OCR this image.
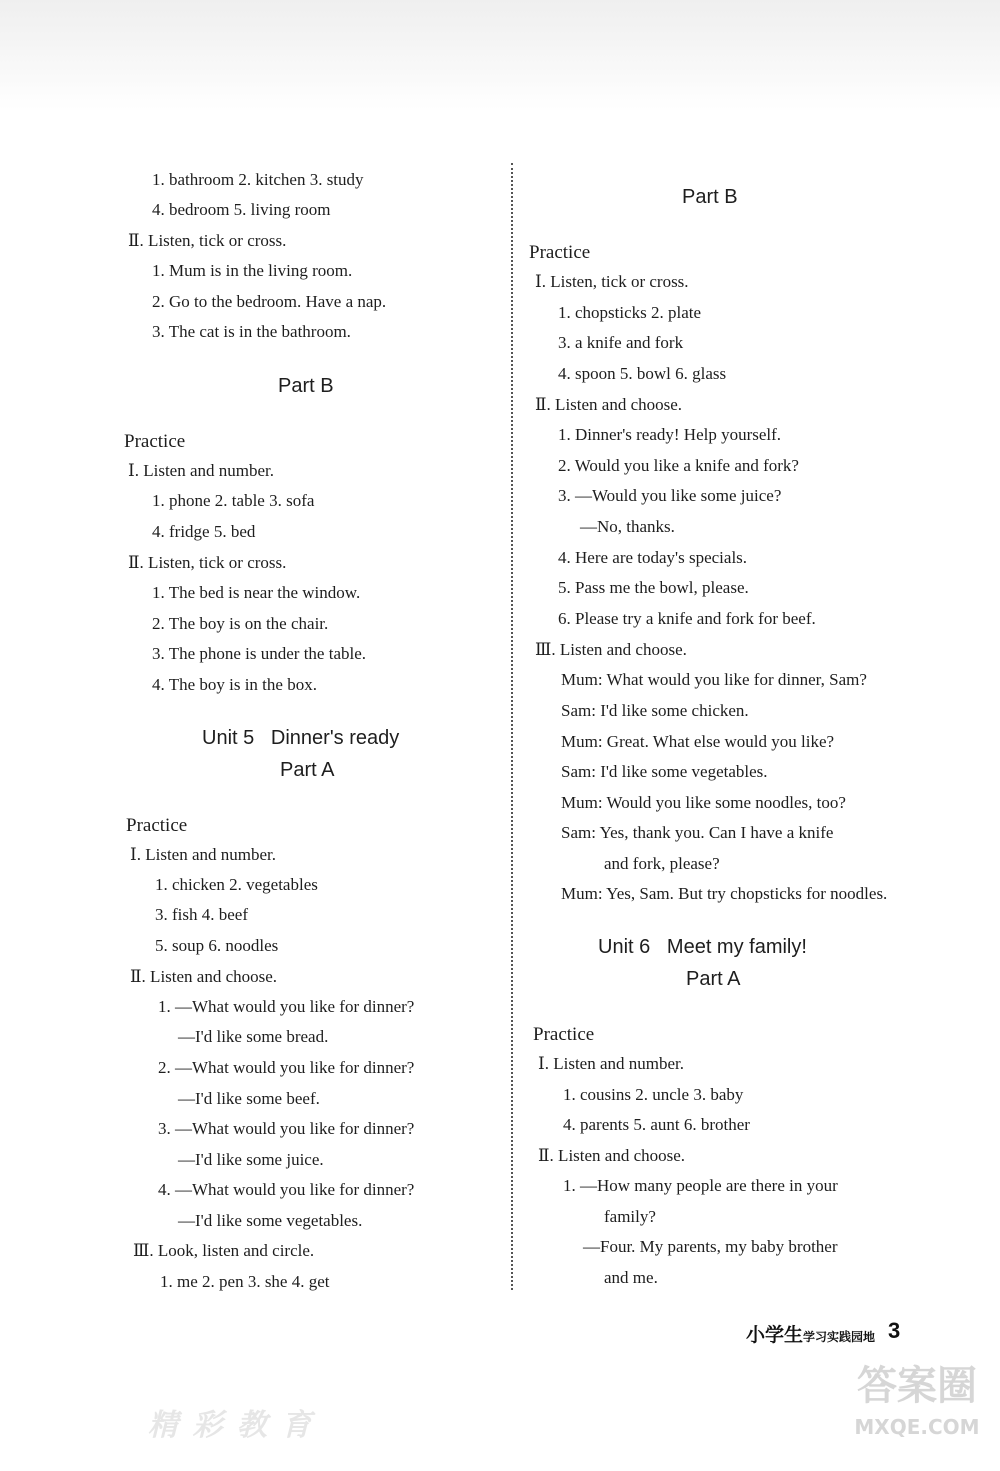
1. bathroom 2. kitchen 3. study
4. bedroom 5. living room
Ⅱ. Listen, tick or cross.
1. Mum is in the living room.
2. Go to the bedroom. Have a nap.
3. The cat is in the bathroom.
Part B
Practice
Ⅰ. Listen and number.
1. phone 2. table 3. sofa
4. fridge 5. bed
Ⅱ. Listen, tick or cross.
1. The bed is near the window.
2. The boy is on the chair.
3. The phone is under the table.
4. The boy is in the box.
Unit 5   Dinner's ready
Part A
Practice
Ⅰ. Listen and number.
1. chicken 2. vegetables
3. fish 4. beef
5. soup 6. noodles
Ⅱ. Listen and choose.
1. —What would you like for dinner?
—I'd like some bread.
2. —What would you like for dinner?
—I'd like some beef.
3. —What would you like for dinner?
—I'd like some juice.
4. —What would you like for dinner?
—I'd like some vegetables.
Ⅲ. Look, listen and circle.
1. me 2. pen 3. she 4. get
Part B
Practice
Ⅰ. Listen, tick or cross.
1. chopsticks 2. plate
3. a knife and fork
4. spoon 5. bowl 6. glass
Ⅱ. Listen and choose.
1. Dinner's ready! Help yourself.
2. Would you like a knife and fork?
3. —Would you like some juice?
—No, thanks.
4. Here are today's specials.
5. Pass me the bowl, please.
6. Please try a knife and fork for beef.
Ⅲ. Listen and choose.
Mum: What would you like for dinner, Sam?
Sam: I'd like some chicken.
Mum: Great. What else would you like?
Sam: I'd like some vegetables.
Mum: Would you like some noodles, too?
Sam: Yes, thank you. Can I have a knife
and fork, please?
Mum: Yes, Sam. But try chopsticks for noodles.
Unit 6   Meet my family!
Part A
Practice
Ⅰ. Listen and number.
1. cousins 2. uncle 3. baby
4. parents 5. aunt 6. brother
Ⅱ. Listen and choose.
1. —How many people are there in your
family?
—Four. My parents, my baby brother
and me.
小学生学习实践园地 3
精 彩 教 育
答案圈
MXQE.COM
